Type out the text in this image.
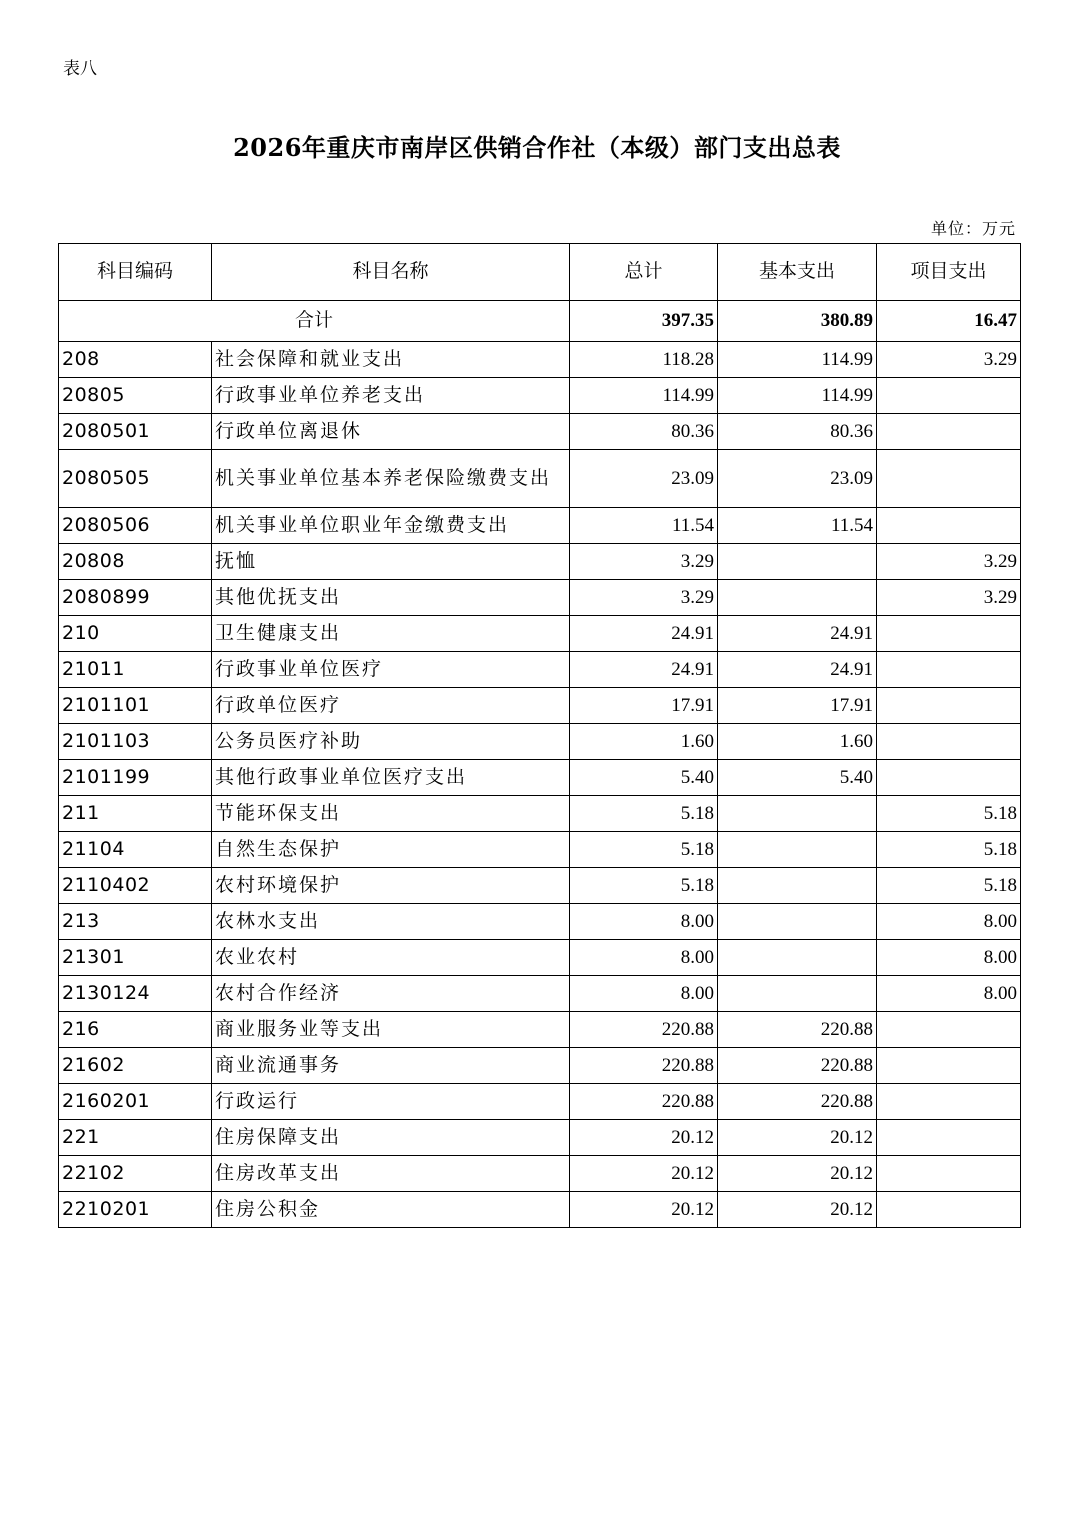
表八
2026年重庆市南岸区供销合作社（本级）部门支出总表
单位：万元
科目编码	科目名称	总计	基本支出	项目支出
合计		397.35	380.89	16.47
208	社会保障和就业支出	118.28	114.99	3.29
20805	行政事业单位养老支出	114.99	114.99	
2080501	行政单位离退休	80.36	80.36	
2080505	机关事业单位基本养老保险缴费支出	23.09	23.09	
2080506	机关事业单位职业年金缴费支出	11.54	11.54	
20808	抚恤	3.29		3.29
2080899	其他优抚支出	3.29		3.29
210	卫生健康支出	24.91	24.91	
21011	行政事业单位医疗	24.91	24.91	
2101101	行政单位医疗	17.91	17.91	
2101103	公务员医疗补助	1.60	1.60	
2101199	其他行政事业单位医疗支出	5.40	5.40	
211	节能环保支出	5.18		5.18
21104	自然生态保护	5.18		5.18
2110402	农村环境保护	5.18		5.18
213	农林水支出	8.00		8.00
21301	农业农村	8.00		8.00
2130124	农村合作经济	8.00		8.00
216	商业服务业等支出	220.88	220.88	
21602	商业流通事务	220.88	220.88	
2160201	行政运行	220.88	220.88	
221	住房保障支出	20.12	20.12	
22102	住房改革支出	20.12	20.12	
2210201	住房公积金	20.12	20.12	
